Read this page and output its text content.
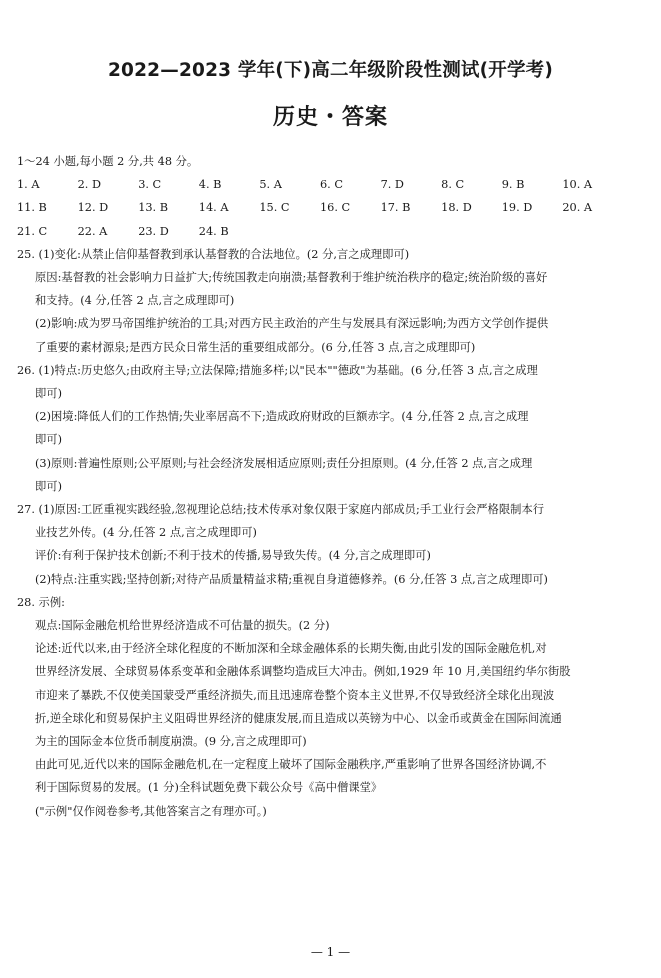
2022—2023 学年(下)高二年级阶段性测试(开学考)
历史・答案
1～24 小题,每小题 2 分,共 48 分。
1. A	2. D	3. C	4. B	5. A	6. C	7. D	8. C	9. B	10. A
11. B	12. D	13. B	14. A	15. C	16. C	17. B	18. D	19. D	20. A
21. C	22. A	23. D	24. B
25. (1)变化:从禁止信仰基督教到承认基督教的合法地位。(2 分,言之成理即可)
原因:基督教的社会影响力日益扩大;传统国教走向崩溃;基督教利于维护统治秩序的稳定;统治阶级的喜好
和支持。(4 分,任答 2 点,言之成理即可)
(2)影响:成为罗马帝国维护统治的工具;对西方民主政治的产生与发展具有深远影响;为西方文学创作提供
了重要的素材源泉;是西方民众日常生活的重要组成部分。(6 分,任答 3 点,言之成理即可)
26. (1)特点:历史悠久;由政府主导;立法保障;措施多样;以"民本""德政"为基础。(6 分,任答 3 点,言之成理
即可)
(2)困境:降低人们的工作热情;失业率居高不下;造成政府财政的巨额赤字。(4 分,任答 2 点,言之成理
即可)
(3)原则:普遍性原则;公平原则;与社会经济发展相适应原则;责任分担原则。(4 分,任答 2 点,言之成理
即可)
27. (1)原因:工匠重视实践经验,忽视理论总结;技术传承对象仅限于家庭内部成员;手工业行会严格限制本行
业技艺外传。(4 分,任答 2 点,言之成理即可)
评价:有利于保护技术创新;不利于技术的传播,易导致失传。(4 分,言之成理即可)
(2)特点:注重实践;坚持创新;对待产品质量精益求精;重视自身道德修养。(6 分,任答 3 点,言之成理即可)
28. 示例:
观点:国际金融危机给世界经济造成不可估量的损失。(2 分)
论述:近代以来,由于经济全球化程度的不断加深和全球金融体系的长期失衡,由此引发的国际金融危机,对
世界经济发展、全球贸易体系变革和金融体系调整均造成巨大冲击。例如,1929 年 10 月,美国纽约华尔街股
市迎来了暴跌,不仅使美国蒙受严重经济损失,而且迅速席卷整个资本主义世界,不仅导致经济全球化出现波
折,逆全球化和贸易保护主义阻碍世界经济的健康发展,而且造成以英镑为中心、以金币或黄金在国际间流通
为主的国际金本位货币制度崩溃。(9 分,言之成理即可)
由此可见,近代以来的国际金融危机,在一定程度上破坏了国际金融秩序,严重影响了世界各国经济协调,不
利于国际贸易的发展。(1 分)全科试题免费下载公众号《高中僧课堂》
("示例"仅作阅卷参考,其他答案言之有理亦可。)
— 1 —
